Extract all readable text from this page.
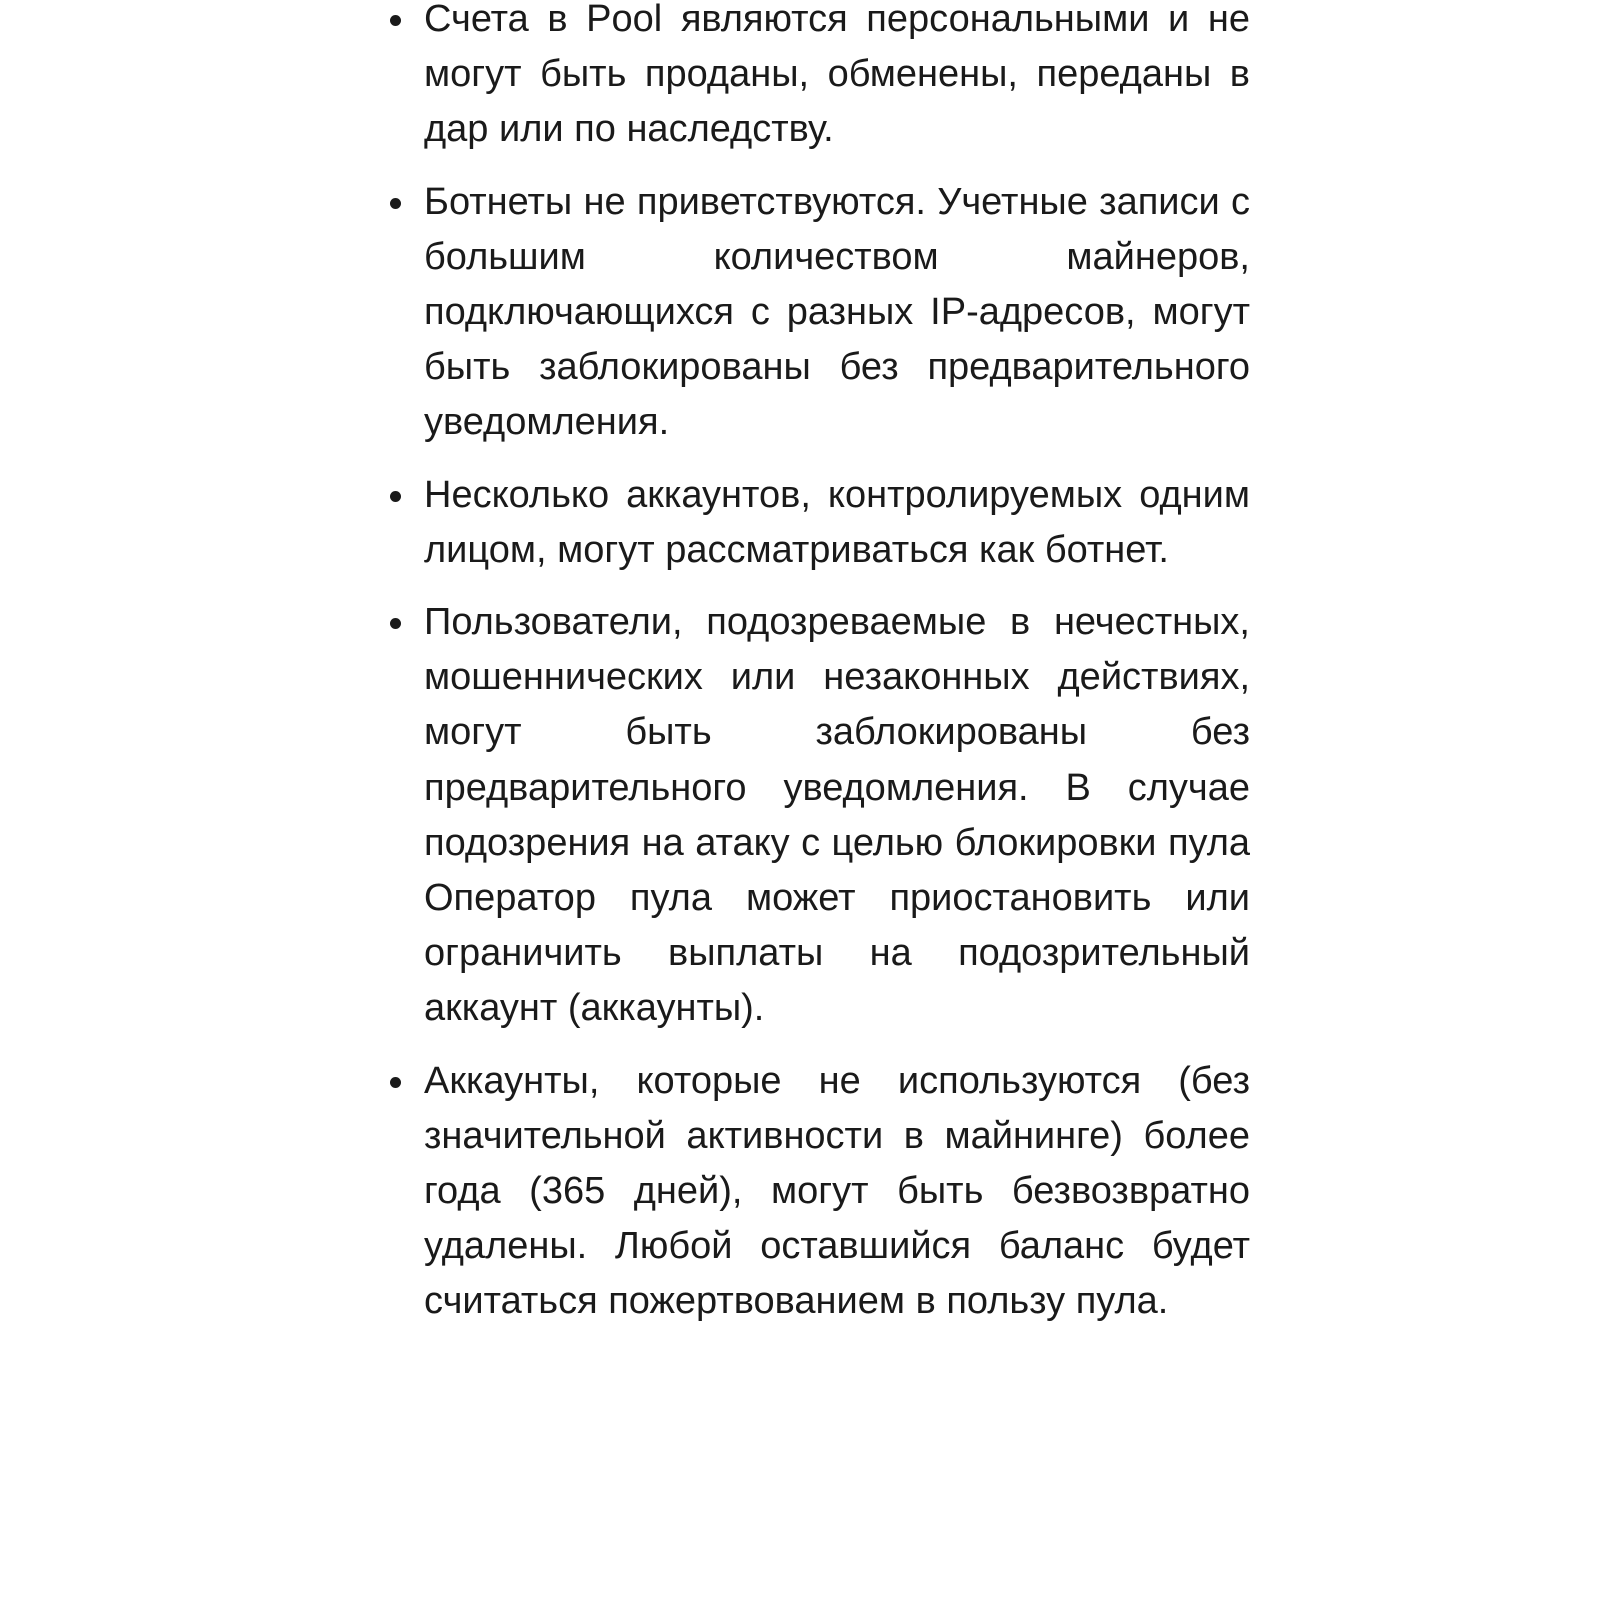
Счета в Pool являются персональными и не могут быть проданы, обменены, переданы в дар или по наследству.
Ботнеты не приветствуются. Учетные записи с большим количеством майнеров, подключающихся с разных IP-адресов, могут быть заблокированы без предварительного уведомления.
Несколько аккаунтов, контролируемых одним лицом, могут рассматриваться как ботнет.
Пользователи, подозреваемые в нечестных, мошеннических или незаконных действиях, могут быть заблокированы без предварительного уведомления. В случае подозрения на атаку с целью блокировки пула Оператор пула может приостановить или ограничить выплаты на подозрительный аккаунт (аккаунты).
Аккаунты, которые не используются (без значительной активности в майнинге) более года (365 дней), могут быть безвозвратно удалены. Любой оставшийся баланс будет считаться пожертвованием в пользу пула.
